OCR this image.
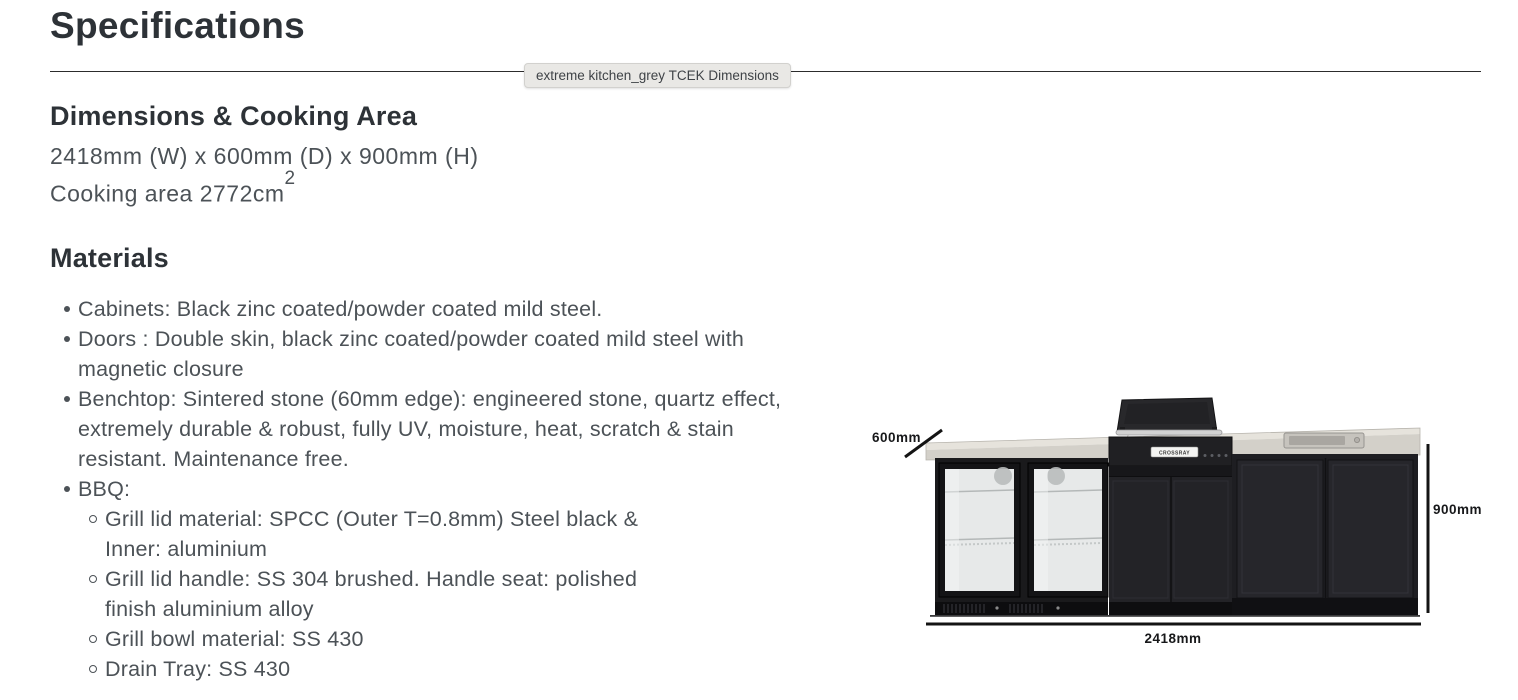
Specifications
extreme kitchen_grey TCEK Dimensions
Dimensions & Cooking Area
2418mm (W) x 600mm (D) x 900mm (H)
Cooking area $2772cm^2$
Materials
Cabinets: Black zinc coated/powder coated mild steel.
Doors : Double skin, black zinc coated/powder coated mild steel with magnetic closure
Benchtop: Sintered stone (60mm edge): engineered stone, quartz effect, extremely durable & robust, fully UV, moisture, heat, scratch & stain resistant. Maintenance free.
BBQ:
Grill lid material: SPCC (Outer T=0.8mm) Steel black & Inner: aluminium
Grill lid handle: SS 304 brushed. Handle seat: polished finish aluminium alloy
Grill bowl material: SS 430
Drain Tray: SS 430
CROSSRAY
600mm
900mm
2418mm
